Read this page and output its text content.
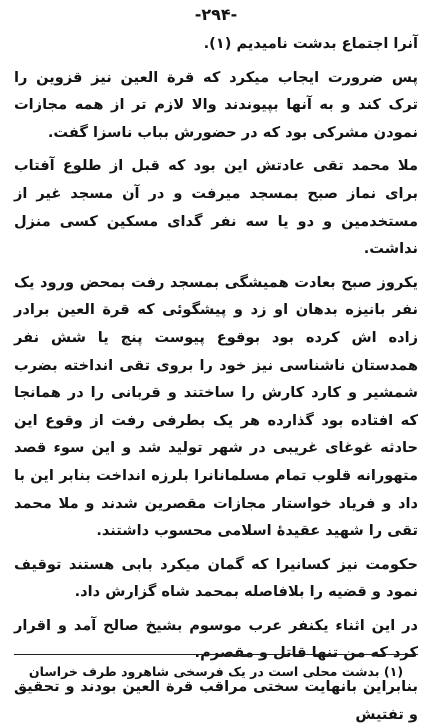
-۲۹۴-

آنرا اجتماع بدشت نامیدیم (۱).

پس ضرورت ایجاب میکرد که قرة العین نیز قزوین را ترک کند و به آنها بپیوندند والا لازم تر از همه مجازات نمودن مشرکی بود که در حضورش بباب ناسزا گفت.

ملا محمد تقی عادتش این بود که قبل از طلوع آفتاب برای نماز صبح بمسجد میرفت و در آن مسجد غیر از مستخدمین و دو یا سه نفر گدای مسکین کسی منزل نداشت.

یکروز صبح بعادت همیشگی بمسجد رفت بمحض ورود یک نفر بانیزه بدهان او زد و پیشگوئی که قرة العین برادر زاده اش کرده بود بوقوع پیوست پنج یا شش نفر همدستان ناشناسی نیز خود را بروی تقی انداخته بضرب شمشیر و کارد کارش را ساختند و قربانی را در همانجا که افتاده بود گذارده هر یک بطرفی رفت از وقوع این حادثه غوغای غریبی در شهر تولید شد و این سوء قصد متهورانه قلوب تمام مسلمانانرا بلرزه انداخت بنابر این با داد و فریاد خواستار مجازات مقصرین شدند و ملا محمد تقی را شهید عقیدهٔ اسلامی محسوب داشتند.

حکومت نیز کسانیرا که گمان میکرد بابی هستند توقیف نمود و قضیه را بلافاصله بمحمد شاه گزارش داد.

در این اثناء یکنفر عرب موسوم بشیخ صالح آمد و اقرار کرد که من تنها قاتل و مقصرم.

بنابراین بانهایت سختی مراقب قرة العین بودند و تحقیق و تفتیش

(۱) بدشت محلی است در یک فرسخی شاهرود طرف خراسان
